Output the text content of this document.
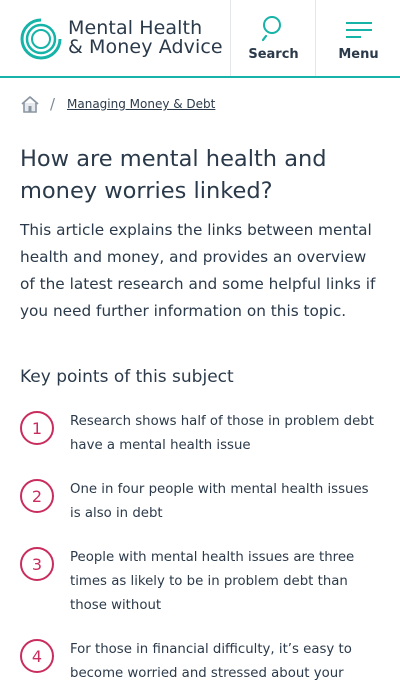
Mental Health
& Money Advice Search	Menu
/ Managing Money & Debt
How are mental health and money worries linked?

This article explains the links between mental health and money, and provides an overview of the latest research and some helpful links if you need further information on this topic.

Key points of this subject
1	Research shows half of those in problem debt have a mental health issue
2	One in four people with mental health issues is also in debt
3	People with mental health issues are three times as likely to be in problem debt than those without
4	For those in financial difficulty, it’s easy to become worried and stressed about your
